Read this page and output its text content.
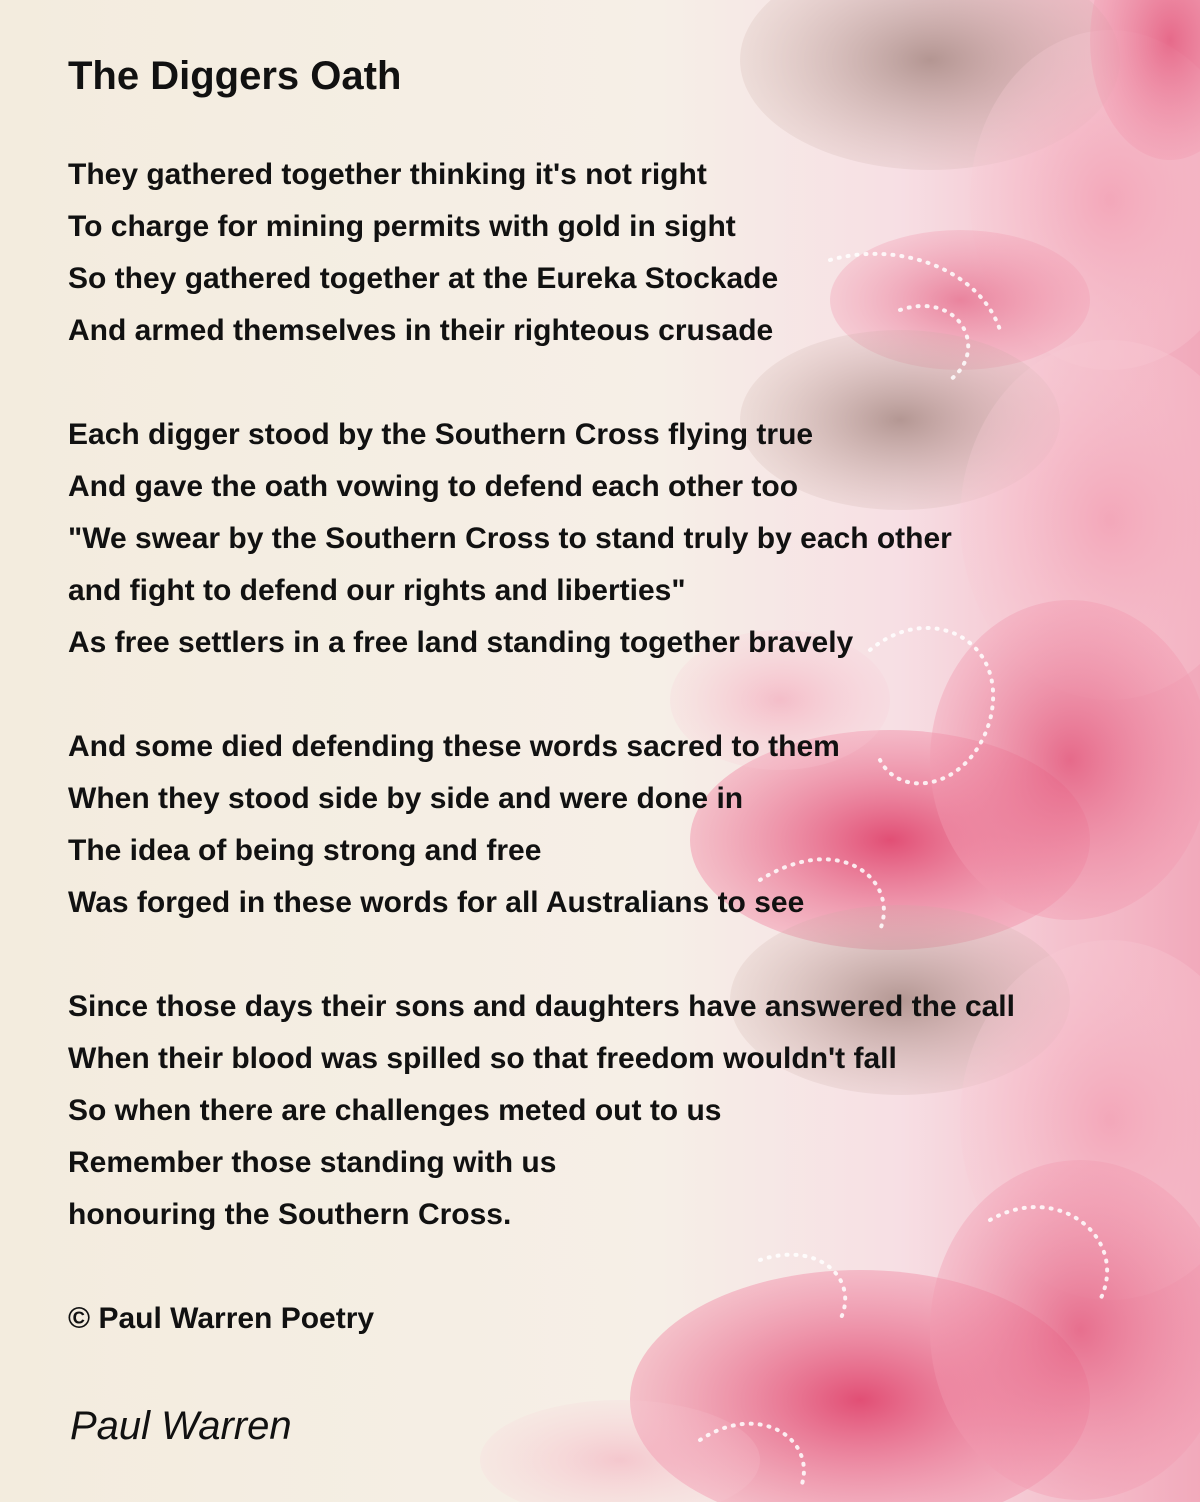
The Diggers Oath
They gathered together thinking it's not right
To charge for mining permits with gold in sight
So they gathered together at the Eureka Stockade
And armed themselves in their righteous crusade
Each digger stood by the Southern Cross flying true
And gave the oath vowing to defend each other too
"We swear by the Southern Cross to stand truly by each other
and fight to defend our rights and liberties"
As free settlers in a free land standing together bravely
And some died defending these words sacred to them
When they stood side by side and were done in
The idea of being strong and free
Was forged in these words for all Australians to see
Since those days their sons and daughters have answered the call
When their blood was spilled so that freedom wouldn't fall
So when there are challenges meted out to us
Remember those standing with us
honouring the Southern Cross.
© Paul Warren Poetry
Paul Warren
